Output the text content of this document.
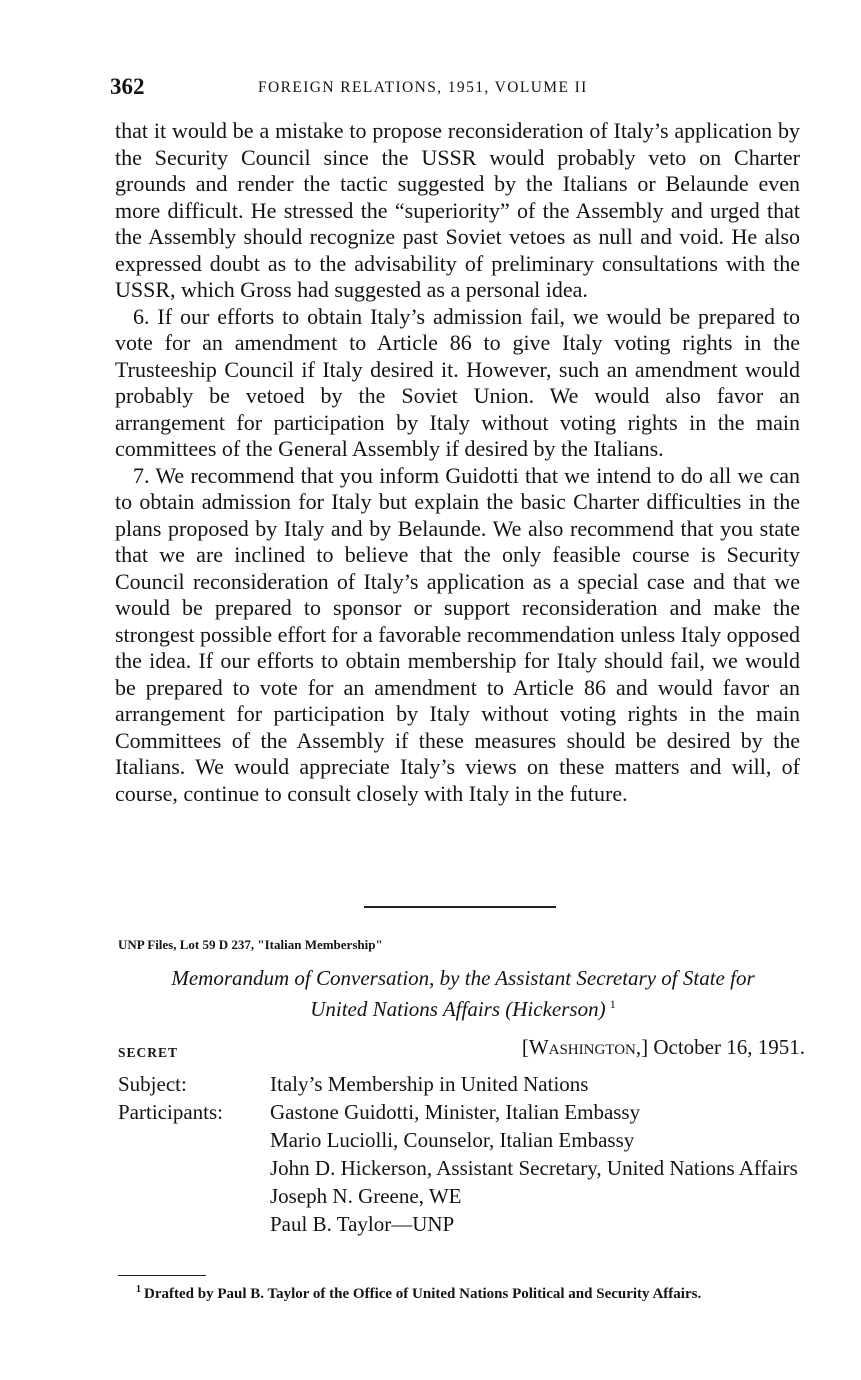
362	FOREIGN RELATIONS, 1951, VOLUME II

that it would be a mistake to propose reconsideration of Italy’s application by the Security Council since the USSR would probably veto on Charter grounds and render the tactic suggested by the Italians or Belaunde even more difficult. He stressed the “superiority” of the Assembly and urged that the Assembly should recognize past Soviet vetoes as null and void. He also expressed doubt as to the advisability of preliminary consultations with the USSR, which Gross had suggested as a personal idea.

6. If our efforts to obtain Italy’s admission fail, we would be prepared to vote for an amendment to Article 86 to give Italy voting rights in the Trusteeship Council if Italy desired it. However, such an amendment would probably be vetoed by the Soviet Union. We would also favor an arrangement for participation by Italy without voting rights in the main committees of the General Assembly if desired by the Italians.

7. We recommend that you inform Guidotti that we intend to do all we can to obtain admission for Italy but explain the basic Charter difficulties in the plans proposed by Italy and by Belaunde. We also recommend that you state that we are inclined to believe that the only feasible course is Security Council reconsideration of Italy’s application as a special case and that we would be prepared to sponsor or support reconsideration and make the strongest possible effort for a favorable recommendation unless Italy opposed the idea. If our efforts to obtain membership for Italy should fail, we would be prepared to vote for an amendment to Article 86 and would favor an arrangement for participation by Italy without voting rights in the main Committees of the Assembly if these measures should be desired by the Italians. We would appreciate Italy’s views on these matters and will, of course, continue to consult closely with Italy in the future.

UNP Files, Lot 59 D 237, "Italian Membership"
Memorandum of Conversation, by the Assistant Secretary of State for
United Nations Affairs (Hickerson)  $^1$
SECRET	[Washington,] October 16, 1951.
Subject:	Italy’s Membership in United Nations
Participants:	Gastone Guidotti, Minister, Italian Embassy
Mario Luciolli, Counselor, Italian Embassy
John D. Hickerson, Assistant Secretary, United Nations Affairs
Joseph N. Greene, WE
Paul B. Taylor—UNP
$^1$  Drafted by Paul B. Taylor of the Office of United Nations Political and Security Affairs.
